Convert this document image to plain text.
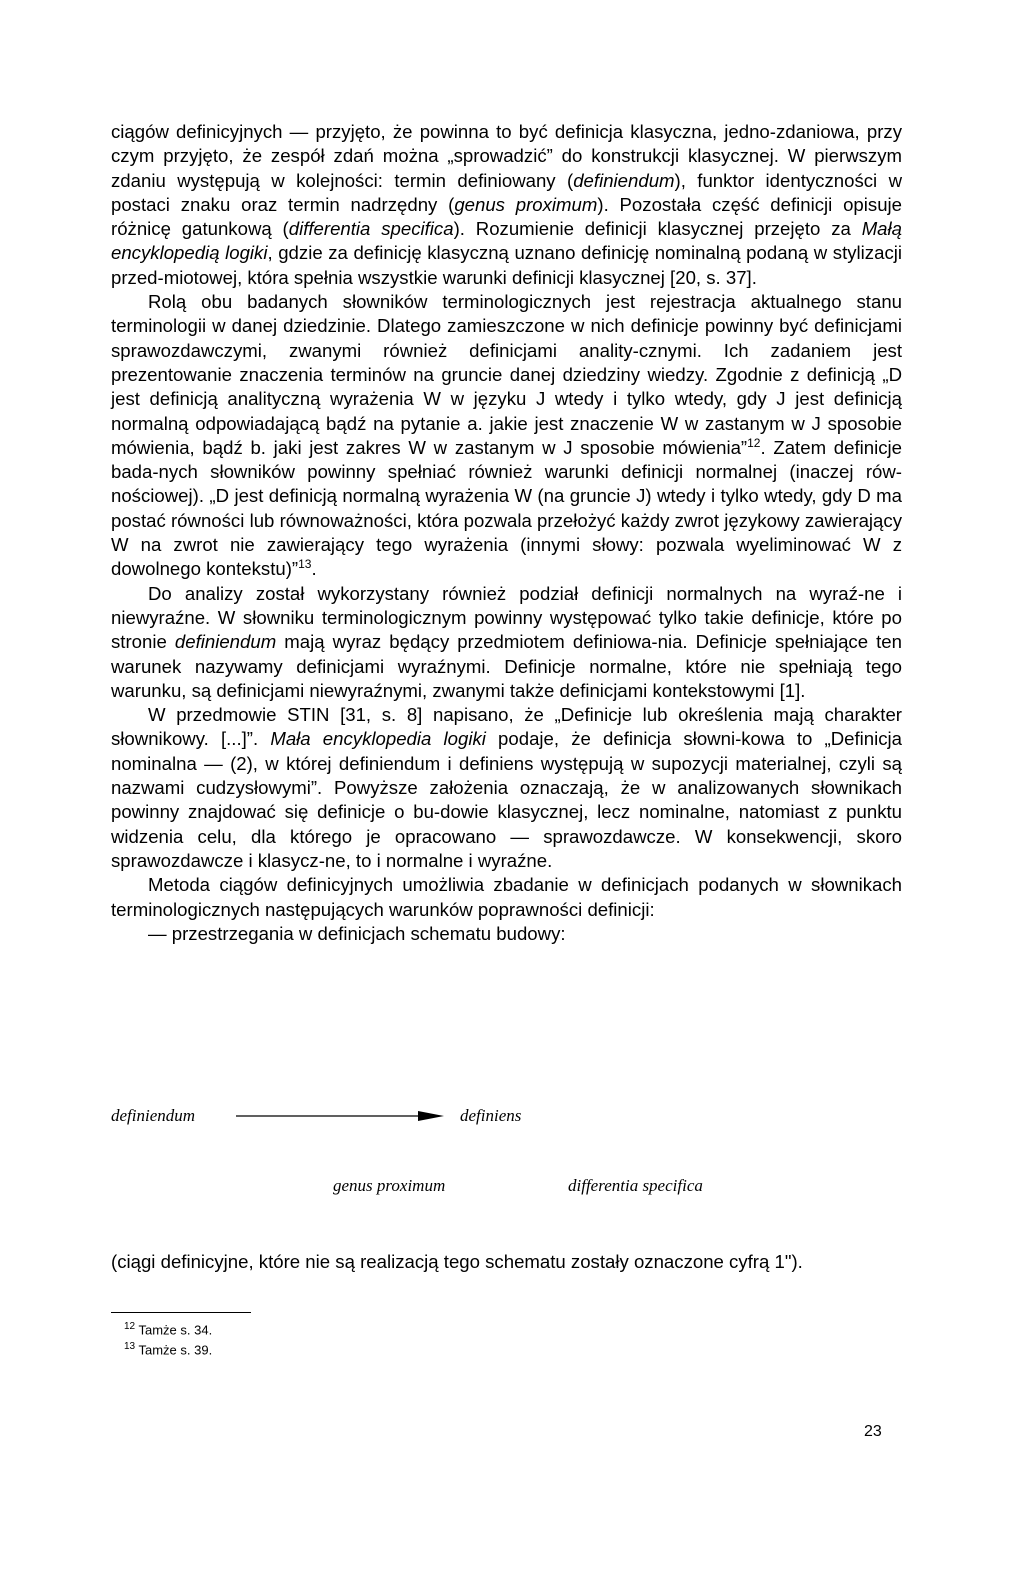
ciągów definicyjnych — przyjęto, że powinna to być definicja klasyczna, jedno-zdaniowa, przy czym przyjęto, że zespół zdań można „sprowadzić” do konstrukcji klasycznej. W pierwszym zdaniu występują w kolejności: termin definiowany (definiendum), funktor identyczności w postaci znaku oraz termin nadrzędny (genus proximum). Pozostała część definicji opisuje różnicę gatunkową (differentia specifica). Rozumienie definicji klasycznej przejęto za Małą encyklopedią logiki, gdzie za definicję klasyczną uznano definicję nominalną podaną w stylizacji przed-miotowej, która spełnia wszystkie warunki definicji klasycznej [20, s. 37].

Rolą obu badanych słowników terminologicznych jest rejestracja aktualnego stanu terminologii w danej dziedzinie. Dlatego zamieszczone w nich definicje powinny być definicjami sprawozdawczymi, zwanymi również definicjami anality-cznymi. Ich zadaniem jest prezentowanie znaczenia terminów na gruncie danej dziedziny wiedzy. Zgodnie z definicją „D jest definicją analityczną wyrażenia W w języku J wtedy i tylko wtedy, gdy J jest definicją normalną odpowiadającą bądź na pytanie a. jakie jest znaczenie W w zastanym w J sposobie mówienia, bądź b. jaki jest zakres W w zastanym w J sposobie mówienia”$^{12}$. Zatem definicje bada-nych słowników powinny spełniać również warunki definicji normalnej (inaczej rów-nościowej). „D jest definicją normalną wyrażenia W (na gruncie J) wtedy i tylko wtedy, gdy D ma postać równości lub równoważności, która pozwala przełożyć każdy zwrot językowy zawierający W na zwrot nie zawierający tego wyrażenia (innymi słowy: pozwala wyeliminować W z dowolnego kontekstu)”$^{13}$.

Do analizy został wykorzystany również podział definicji normalnych na wyraź-ne i niewyraźne. W słowniku terminologicznym powinny występować tylko takie definicje, które po stronie definiendum mają wyraz będący przedmiotem definiowa-nia. Definicje spełniające ten warunek nazywamy definicjami wyraźnymi. Definicje normalne, które nie spełniają tego warunku, są definicjami niewyraźnymi, zwanymi także definicjami kontekstowymi [1].

W przedmowie STIN [31, s. 8] napisano, że „Definicje lub określenia mają charakter słownikowy. [...]”. Mała encyklopedia logiki podaje, że definicja słowni-kowa to „Definicja nominalna — (2), w której definiendum i definiens występują w supozycji materialnej, czyli są nazwami cudzysłowymi”. Powyższe założenia oznaczają, że w analizowanych słownikach powinny znajdować się definicje o bu-dowie klasycznej, lecz nominalne, natomiast z punktu widzenia celu, dla którego je opracowano — sprawozdawcze. W konsekwencji, skoro sprawozdawcze i klasycz-ne, to i normalne i wyraźne.

Metoda ciągów definicyjnych umożliwia zbadanie w definicjach podanych w słownikach terminologicznych następujących warunków poprawności definicji:

— przestrzegania w definicjach schematu budowy:

definiendum	definiens
genus proximum	differentia specifica
(ciągi definicyjne, które nie są realizacją tego schematu zostały oznaczone cyfrą 1").
$^{12}$ Tamże s. 34.
$^{13}$ Tamże s. 39.
23
